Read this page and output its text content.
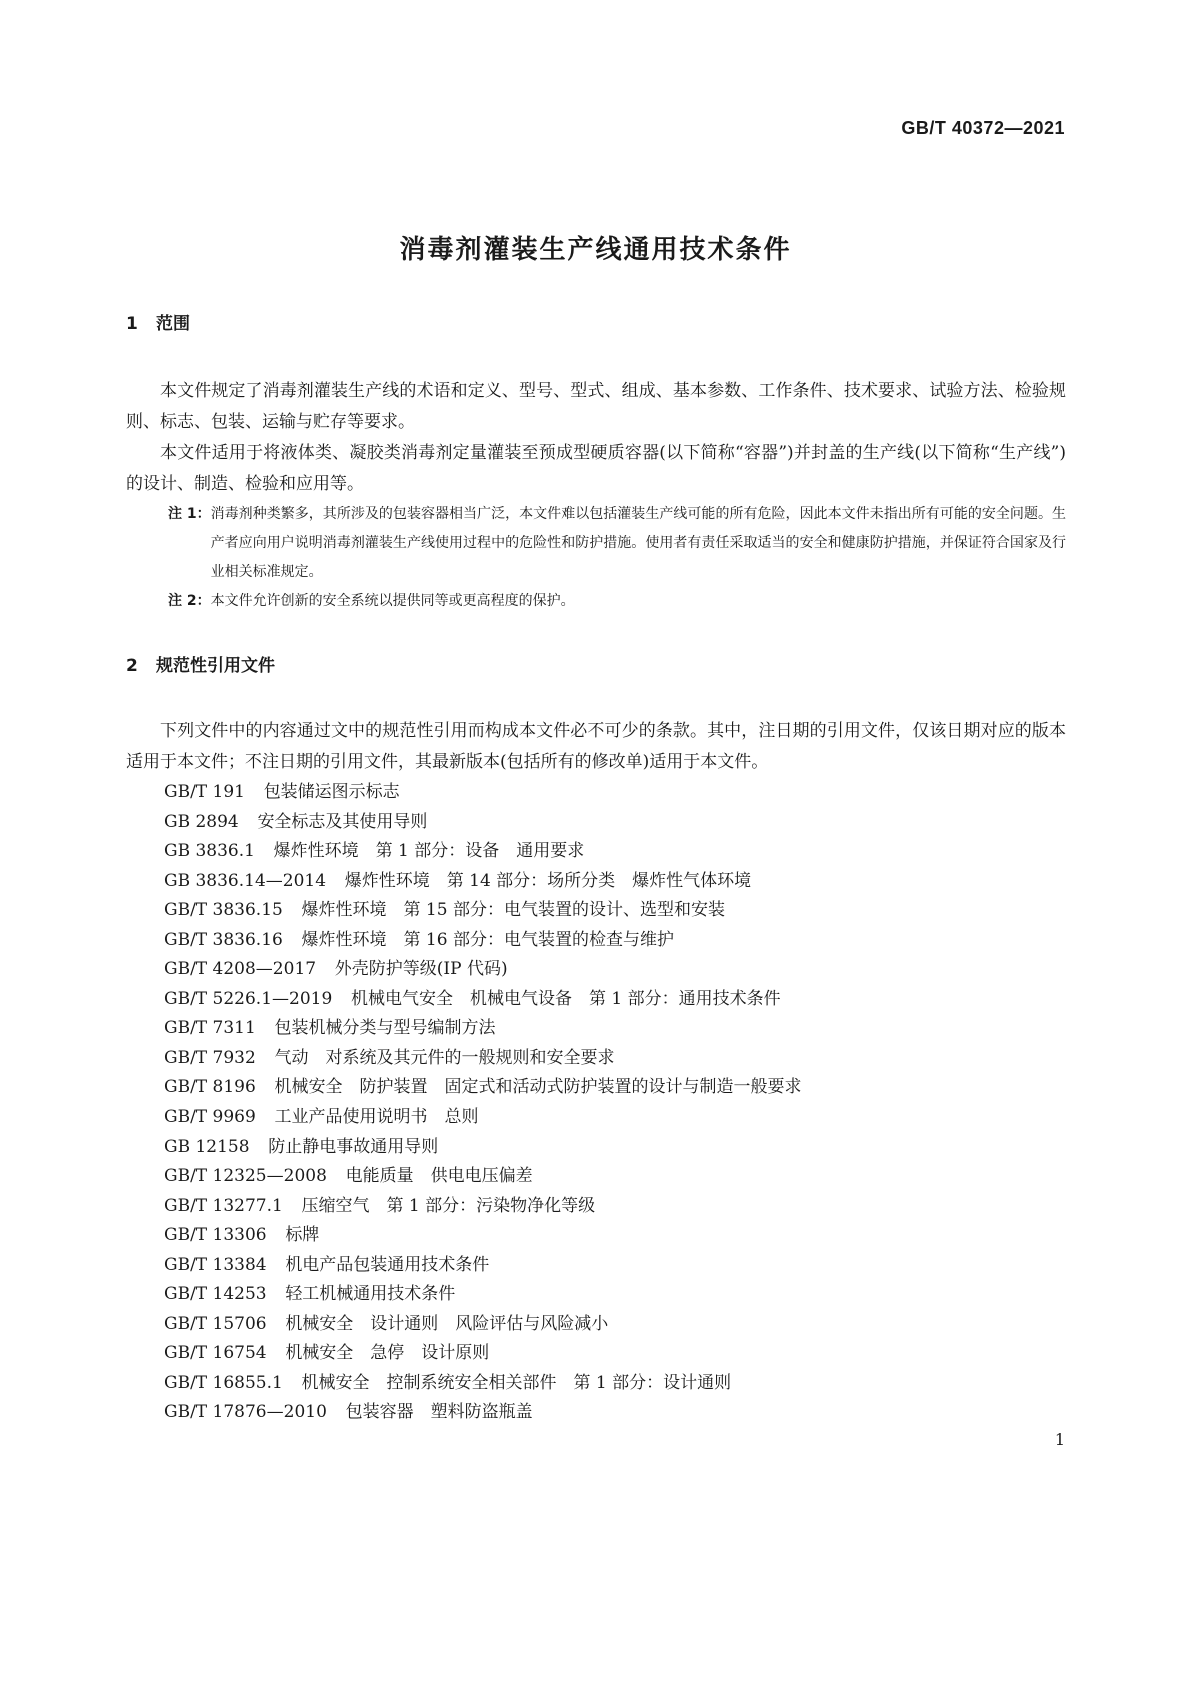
GB/T 40372—2021
消毒剂灌装生产线通用技术条件
1 范围

本文件规定了消毒剂灌装生产线的术语和定义、型号、型式、组成、基本参数、工作条件、技术要求、试验方法、检验规则、标志、包装、运输与贮存等要求。

本文件适用于将液体类、凝胶类消毒剂定量灌装至预成型硬质容器(以下简称“容器”)并封盖的生产线(以下简称“生产线”)的设计、制造、检验和应用等。

注 1： 消毒剂种类繁多，其所涉及的包装容器相当广泛，本文件难以包括灌装生产线可能的所有危险，因此本文件未指出所有可能的安全问题。生产者应向用户说明消毒剂灌装生产线使用过程中的危险性和防护措施。使用者有责任采取适当的安全和健康防护措施，并保证符合国家及行业相关标准规定。
注 2： 本文件允许创新的安全系统以提供同等或更高程度的保护。
2 规范性引用文件

下列文件中的内容通过文中的规范性引用而构成本文件必不可少的条款。其中，注日期的引用文件，仅该日期对应的版本适用于本文件；不注日期的引用文件，其最新版本(包括所有的修改单)适用于本文件。

GB/T 191 包装储运图示标志
GB 2894 安全标志及其使用导则
GB 3836.1 爆炸性环境　第 1 部分：设备　通用要求
GB 3836.14—2014 爆炸性环境　第 14 部分：场所分类　爆炸性气体环境
GB/T 3836.15 爆炸性环境　第 15 部分：电气装置的设计、选型和安装
GB/T 3836.16 爆炸性环境　第 16 部分：电气装置的检查与维护
GB/T 4208—2017 外壳防护等级(IP 代码)
GB/T 5226.1—2019 机械电气安全　机械电气设备　第 1 部分：通用技术条件
GB/T 7311 包装机械分类与型号编制方法
GB/T 7932 气动　对系统及其元件的一般规则和安全要求
GB/T 8196 机械安全　防护装置　固定式和活动式防护装置的设计与制造一般要求
GB/T 9969 工业产品使用说明书　总则
GB 12158 防止静电事故通用导则
GB/T 12325—2008 电能质量　供电电压偏差
GB/T 13277.1 压缩空气　第 1 部分：污染物净化等级
GB/T 13306 标牌
GB/T 13384 机电产品包装通用技术条件
GB/T 14253 轻工机械通用技术条件
GB/T 15706 机械安全　设计通则　风险评估与风险减小
GB/T 16754 机械安全　急停　设计原则
GB/T 16855.1 机械安全　控制系统安全相关部件　第 1 部分：设计通则
GB/T 17876—2010 包装容器　塑料防盗瓶盖
1
